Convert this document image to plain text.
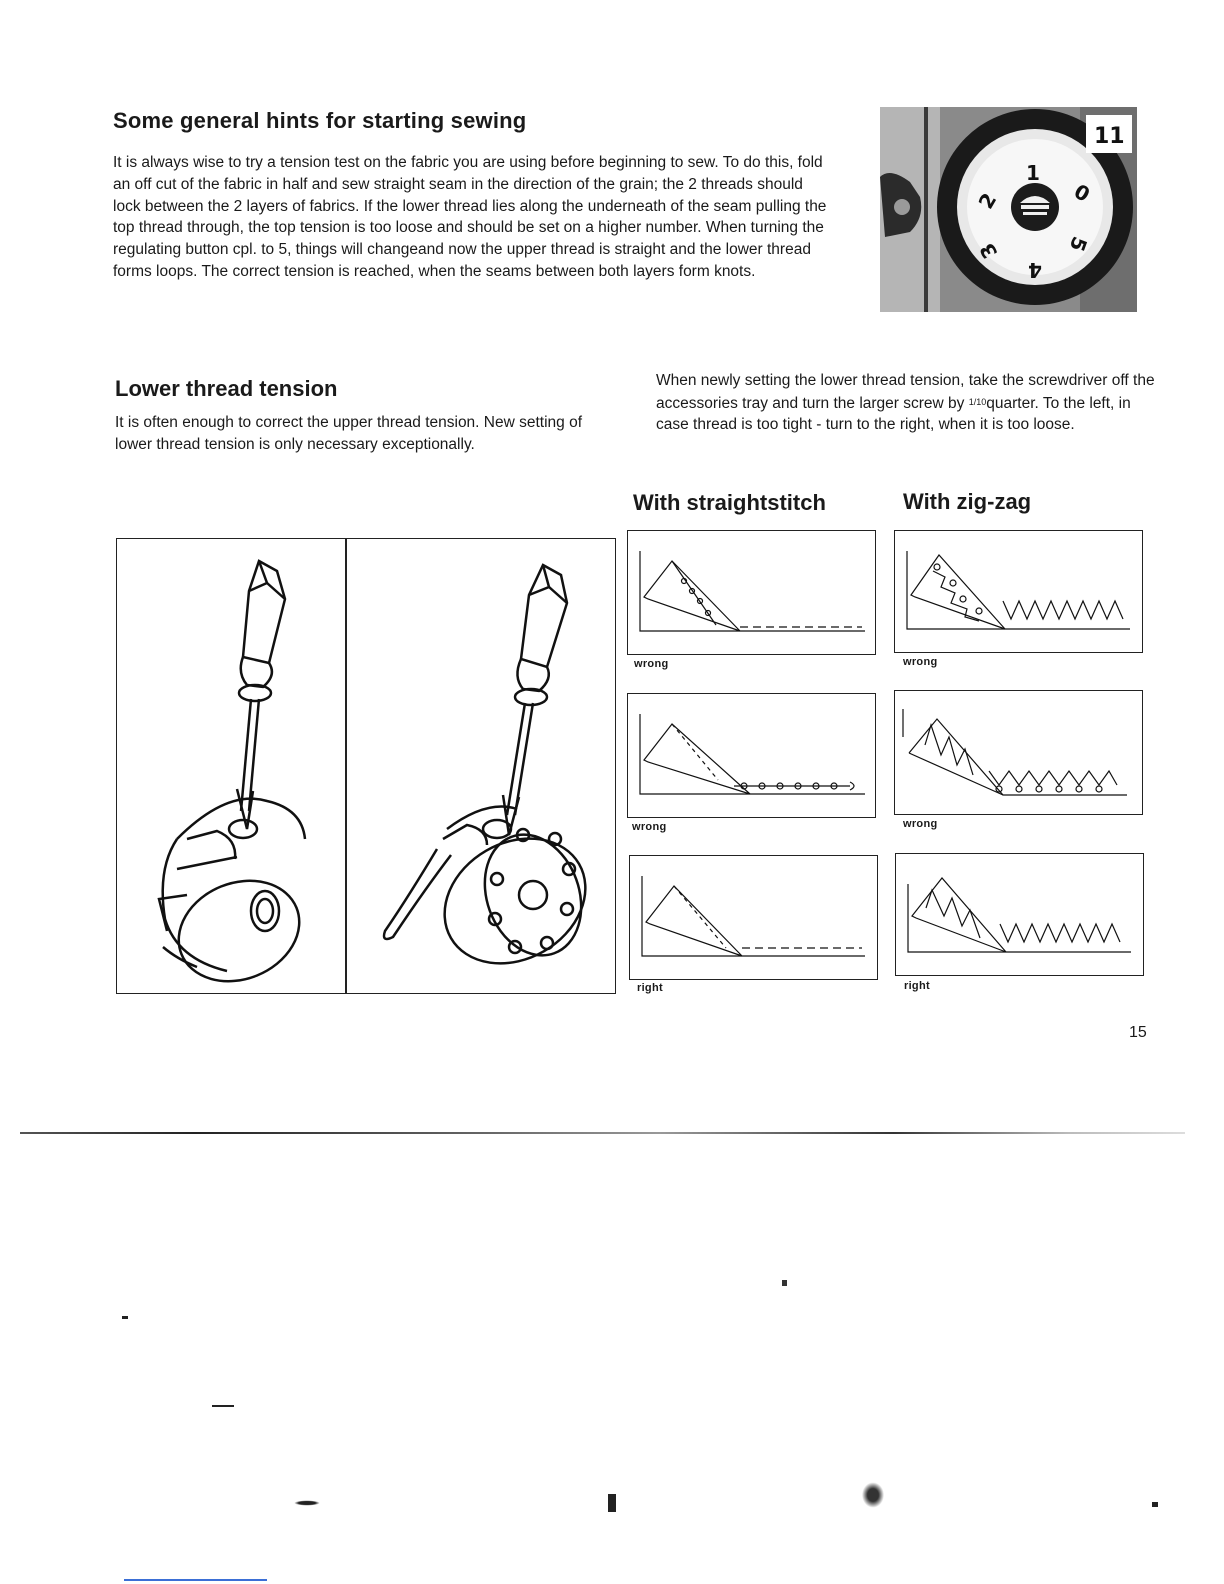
Some general hints for starting sewing
It is always wise to try a tension test on the fabric you are using before beginning to sew. To do this, fold an off cut of the fabric in half and sew straight seam in the direction of the grain; the 2 threads should lock between the 2 layers of fabrics. If the lower thread lies along the underneath of the seam pulling the top thread through, the top tension is too loose and should be set on a higher number. When turning the regulating button cpl. to 5, things will changeand now the upper thread is straight and the lower thread forms loops. The correct tension is reached, when the seams between both layers form knots.
1
0
5
4
3
2
11
Lower thread tension
It is often enough to correct the upper thread tension. New setting of lower thread tension is only necessary exceptionally.
When newly setting the lower thread tension, take the screwdriver off the accessories tray and turn the larger screw by $^{1/10}$quarter. To the left, in case thread is too tight - turn to the right, when it is too loose.
With straightstitch	With zig-zag
wrong
wrong
right
wrong
wrong
right
15
